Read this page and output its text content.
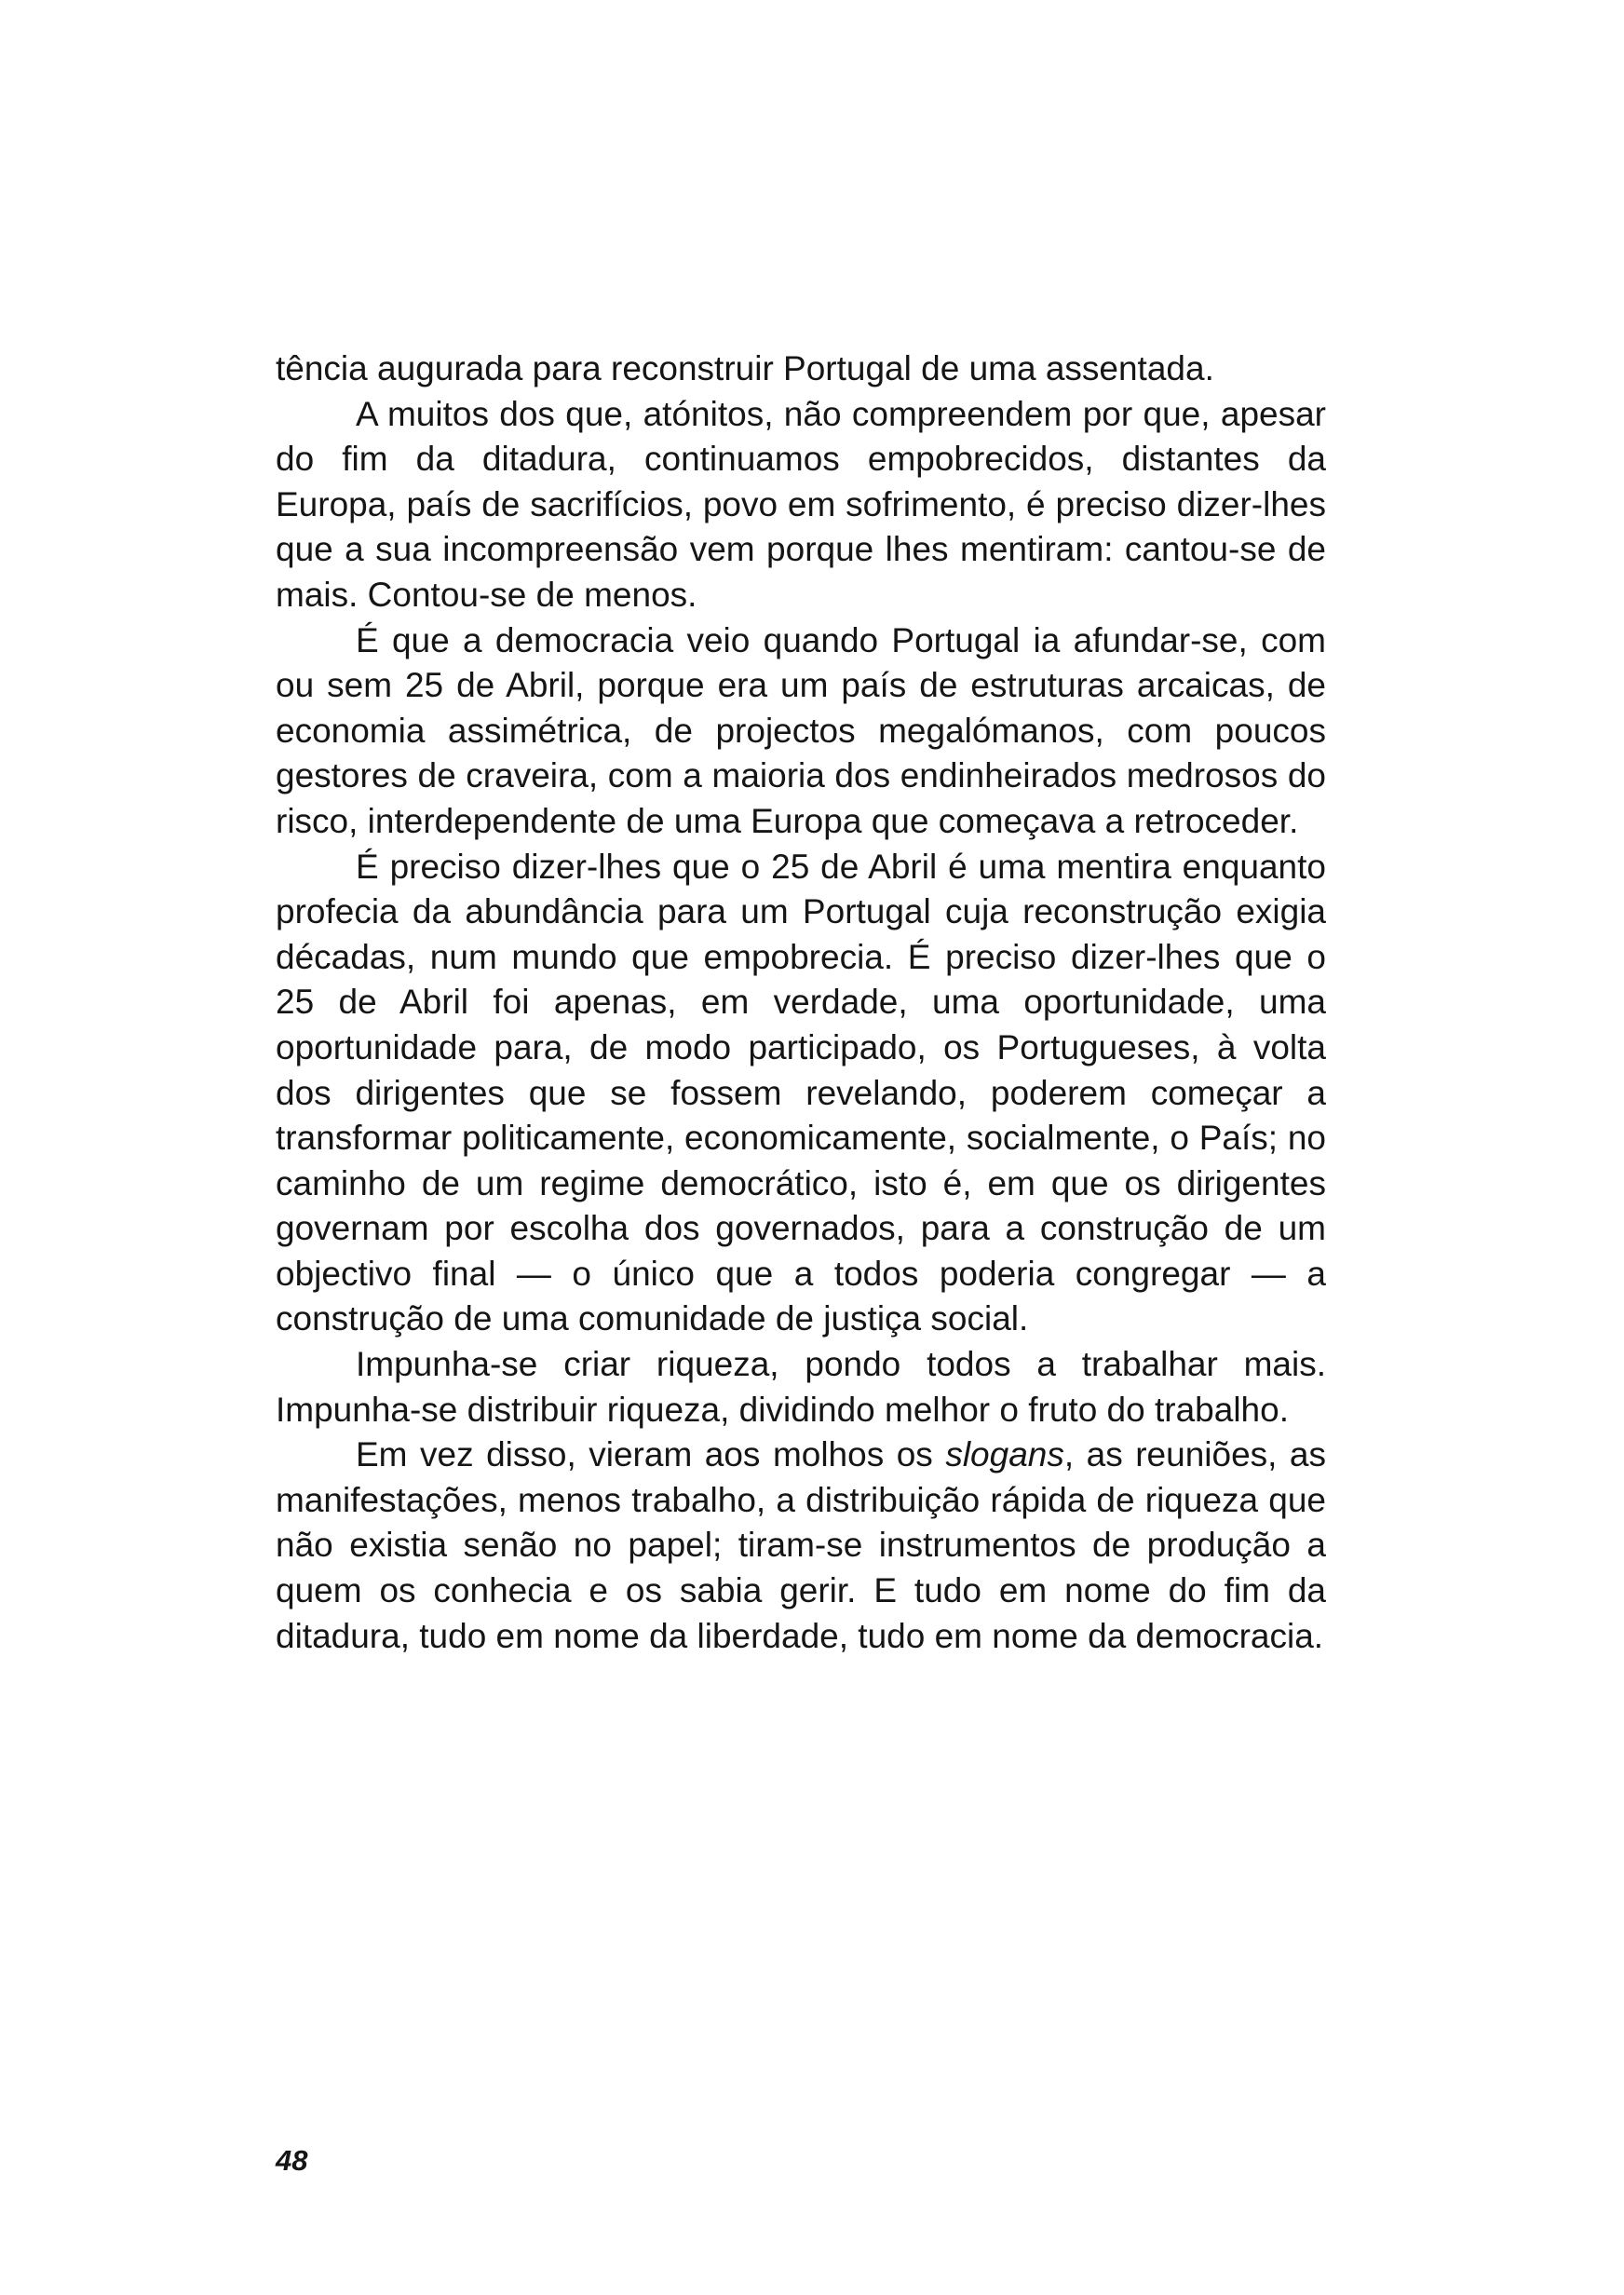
tência augurada para reconstruir Portugal de uma assentada.

A muitos dos que, atónitos, não compreendem por que, apesar do fim da ditadura, continuamos empobrecidos, distantes da Europa, país de sacrifícios, povo em sofrimento, é preciso dizer-lhes que a sua incompreensão vem porque lhes mentiram: cantou-se de mais. Contou-se de menos.

É que a democracia veio quando Portugal ia afundar-se, com ou sem 25 de Abril, porque era um país de estruturas arcaicas, de economia assimétrica, de projectos megalómanos, com poucos gestores de craveira, com a maioria dos endinheirados medrosos do risco, interdependente de uma Europa que começava a retroceder.

É preciso dizer-lhes que o 25 de Abril é uma mentira enquanto profecia da abundância para um Portugal cuja reconstrução exigia décadas, num mundo que empobrecia. É preciso dizer-lhes que o 25 de Abril foi apenas, em verdade, uma oportunidade, uma oportunidade para, de modo participado, os Portugueses, à volta dos dirigentes que se fossem revelando, poderem começar a transformar politicamente, economicamente, socialmente, o País; no caminho de um regime democrático, isto é, em que os dirigentes governam por escolha dos governados, para a construção de um objectivo final — o único que a todos poderia congregar — a construção de uma comunidade de justiça social.

Impunha-se criar riqueza, pondo todos a trabalhar mais. Impunha-se distribuir riqueza, dividindo melhor o fruto do trabalho.

Em vez disso, vieram aos molhos os slogans, as reuniões, as manifestações, menos trabalho, a distribuição rápida de riqueza que não existia senão no papel; tiram-se instrumentos de produção a quem os conhecia e os sabia gerir. E tudo em nome do fim da ditadura, tudo em nome da liberdade, tudo em nome da democracia.

48
